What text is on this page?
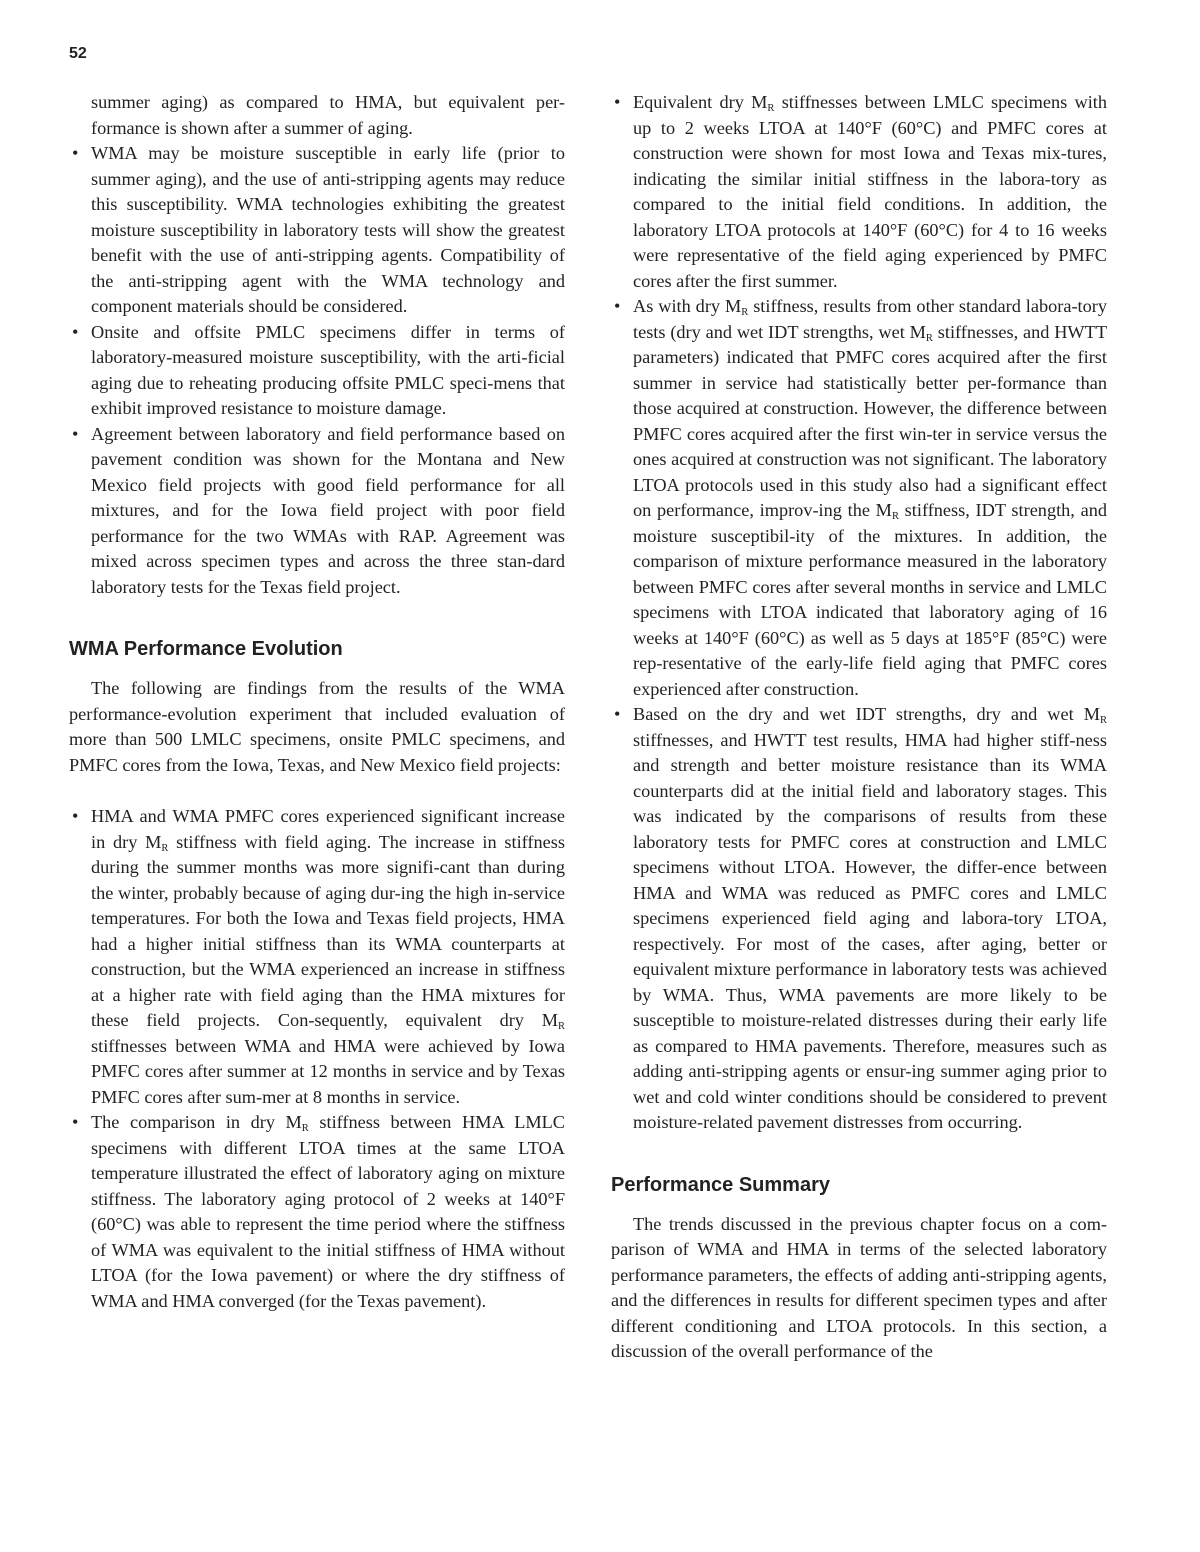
52
summer aging) as compared to HMA, but equivalent per-formance is shown after a summer of aging.
• WMA may be moisture susceptible in early life (prior to summer aging), and the use of anti-stripping agents may reduce this susceptibility. WMA technologies exhibiting the greatest moisture susceptibility in laboratory tests will show the greatest benefit with the use of anti-stripping agents. Compatibility of the anti-stripping agent with the WMA technology and component materials should be considered.
• Onsite and offsite PMLC specimens differ in terms of laboratory-measured moisture susceptibility, with the arti-ficial aging due to reheating producing offsite PMLC speci-mens that exhibit improved resistance to moisture damage.
• Agreement between laboratory and field performance based on pavement condition was shown for the Montana and New Mexico field projects with good field performance for all mixtures, and for the Iowa field project with poor field performance for the two WMAs with RAP. Agreement was mixed across specimen types and across the three stan-dard laboratory tests for the Texas field project.
WMA Performance Evolution

The following are findings from the results of the WMA performance-evolution experiment that included evaluation of more than 500 LMLC specimens, onsite PMLC specimens, and PMFC cores from the Iowa, Texas, and New Mexico field projects:

• HMA and WMA PMFC cores experienced significant increase in dry $M_R$ stiffness with field aging. The increase in stiffness during the summer months was more signifi-cant than during the winter, probably because of aging dur-ing the high in-service temperatures. For both the Iowa and Texas field projects, HMA had a higher initial stiffness than its WMA counterparts at construction, but the WMA experienced an increase in stiffness at a higher rate with field aging than the HMA mixtures for these field projects. Con-sequently, equivalent dry $M_R$ stiffnesses between WMA and HMA were achieved by Iowa PMFC cores after summer at 12 months in service and by Texas PMFC cores after sum-mer at 8 months in service.
• The comparison in dry $M_R$ stiffness between HMA LMLC specimens with different LTOA times at the same LTOA temperature illustrated the effect of laboratory aging on mixture stiffness. The laboratory aging protocol of 2 weeks at 140°F (60°C) was able to represent the time period where the stiffness of WMA was equivalent to the initial stiffness of HMA without LTOA (for the Iowa pavement) or where the dry stiffness of WMA and HMA converged (for the Texas pavement).
• Equivalent dry $M_R$ stiffnesses between LMLC specimens with up to 2 weeks LTOA at 140°F (60°C) and PMFC cores at construction were shown for most Iowa and Texas mix-tures, indicating the similar initial stiffness in the labora-tory as compared to the initial field conditions. In addition, the laboratory LTOA protocols at 140°F (60°C) for 4 to 16 weeks were representative of the field aging experienced by PMFC cores after the first summer.
• As with dry $M_R$ stiffness, results from other standard labora-tory tests (dry and wet IDT strengths, wet $M_R$ stiffnesses, and HWTT parameters) indicated that PMFC cores acquired after the first summer in service had statistically better per-formance than those acquired at construction. However, the difference between PMFC cores acquired after the first win-ter in service versus the ones acquired at construction was not significant. The laboratory LTOA protocols used in this study also had a significant effect on performance, improv-ing the $M_R$ stiffness, IDT strength, and moisture susceptibil-ity of the mixtures. In addition, the comparison of mixture performance measured in the laboratory between PMFC cores after several months in service and LMLC specimens with LTOA indicated that laboratory aging of 16 weeks at 140°F (60°C) as well as 5 days at 185°F (85°C) were rep-resentative of the early-life field aging that PMFC cores experienced after construction.
• Based on the dry and wet IDT strengths, dry and wet $M_R$ stiffnesses, and HWTT test results, HMA had higher stiff-ness and strength and better moisture resistance than its WMA counterparts did at the initial field and laboratory stages. This was indicated by the comparisons of results from these laboratory tests for PMFC cores at construction and LMLC specimens without LTOA. However, the differ-ence between HMA and WMA was reduced as PMFC cores and LMLC specimens experienced field aging and labora-tory LTOA, respectively. For most of the cases, after aging, better or equivalent mixture performance in laboratory tests was achieved by WMA. Thus, WMA pavements are more likely to be susceptible to moisture-related distresses during their early life as compared to HMA pavements. Therefore, measures such as adding anti-stripping agents or ensur-ing summer aging prior to wet and cold winter conditions should be considered to prevent moisture-related pavement distresses from occurring.
Performance Summary

The trends discussed in the previous chapter focus on a com-parison of WMA and HMA in terms of the selected laboratory performance parameters, the effects of adding anti-stripping agents, and the differences in results for different specimen types and after different conditioning and LTOA protocols. In this section, a discussion of the overall performance of the
